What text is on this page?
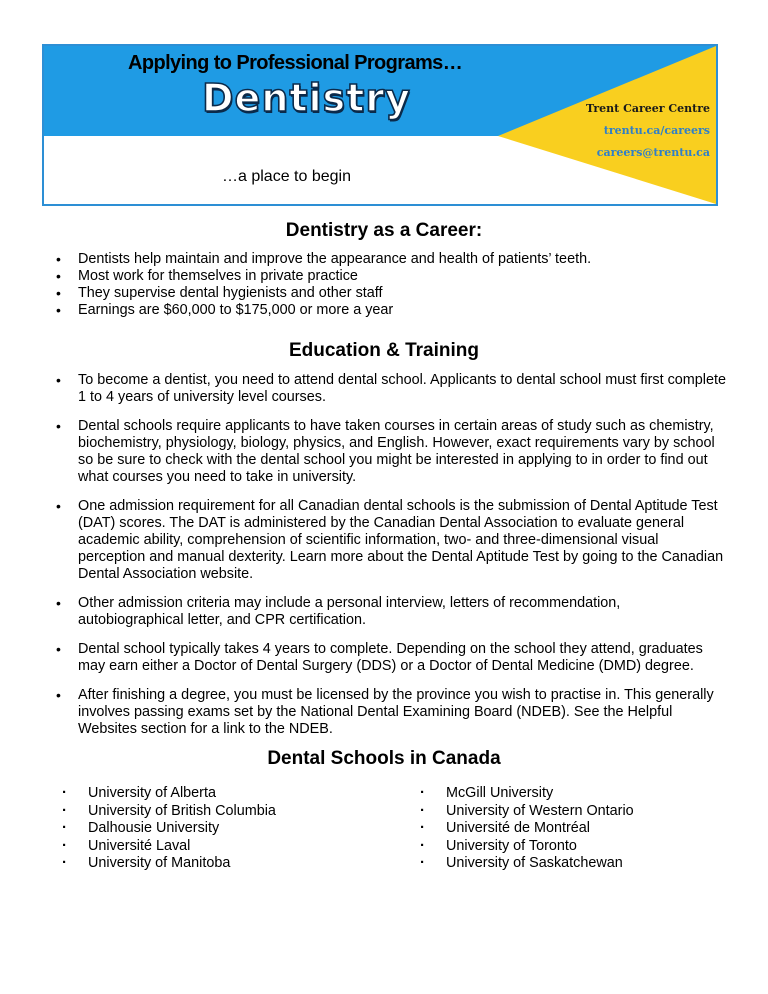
Applying to Professional Programs…
Dentistry	Trent Career Centre
trentu.ca/careers
careers@trentu.ca
…a place to begin
Dentistry as a Career:
• Dentists help maintain and improve the appearance and health of patients’ teeth.
• Most work for themselves in private practice
• They supervise dental hygienists and other staff
• Earnings are $60,000 to $175,000 or more a year
Education & Training
• To become a dentist, you need to attend dental school. Applicants to dental school must first complete 1 to 4 years of university level courses.
• Dental schools require applicants to have taken courses in certain areas of study such as chemistry, biochemistry, physiology, biology, physics, and English. However, exact requirements vary by school so be sure to check with the dental school you might be interested in applying to in order to find out what courses you need to take in university.
• One admission requirement for all Canadian dental schools is the submission of Dental Aptitude Test (DAT) scores. The DAT is administered by the Canadian Dental Association to evaluate general academic ability, comprehension of scientific information, two- and three-dimensional visual perception and manual dexterity. Learn more about the Dental Aptitude Test by going to the Canadian Dental Association website.
• Other admission criteria may include a personal interview, letters of recommendation, autobiographical letter, and CPR certification.
• Dental school typically takes 4 years to complete. Depending on the school they attend, graduates may earn either a Doctor of Dental Surgery (DDS) or a Doctor of Dental Medicine (DMD) degree.
• After finishing a degree, you must be licensed by the province you wish to practise in. This generally involves passing exams set by the National Dental Examining Board (NDEB). See the Helpful Websites section for a link to the NDEB.
Dental Schools in Canada
· University of Alberta
· University of British Columbia
· Dalhousie University
· Université Laval
· University of Manitoba
· McGill University
· University of Western Ontario
· Université de Montréal
· University of Toronto
· University of Saskatchewan
